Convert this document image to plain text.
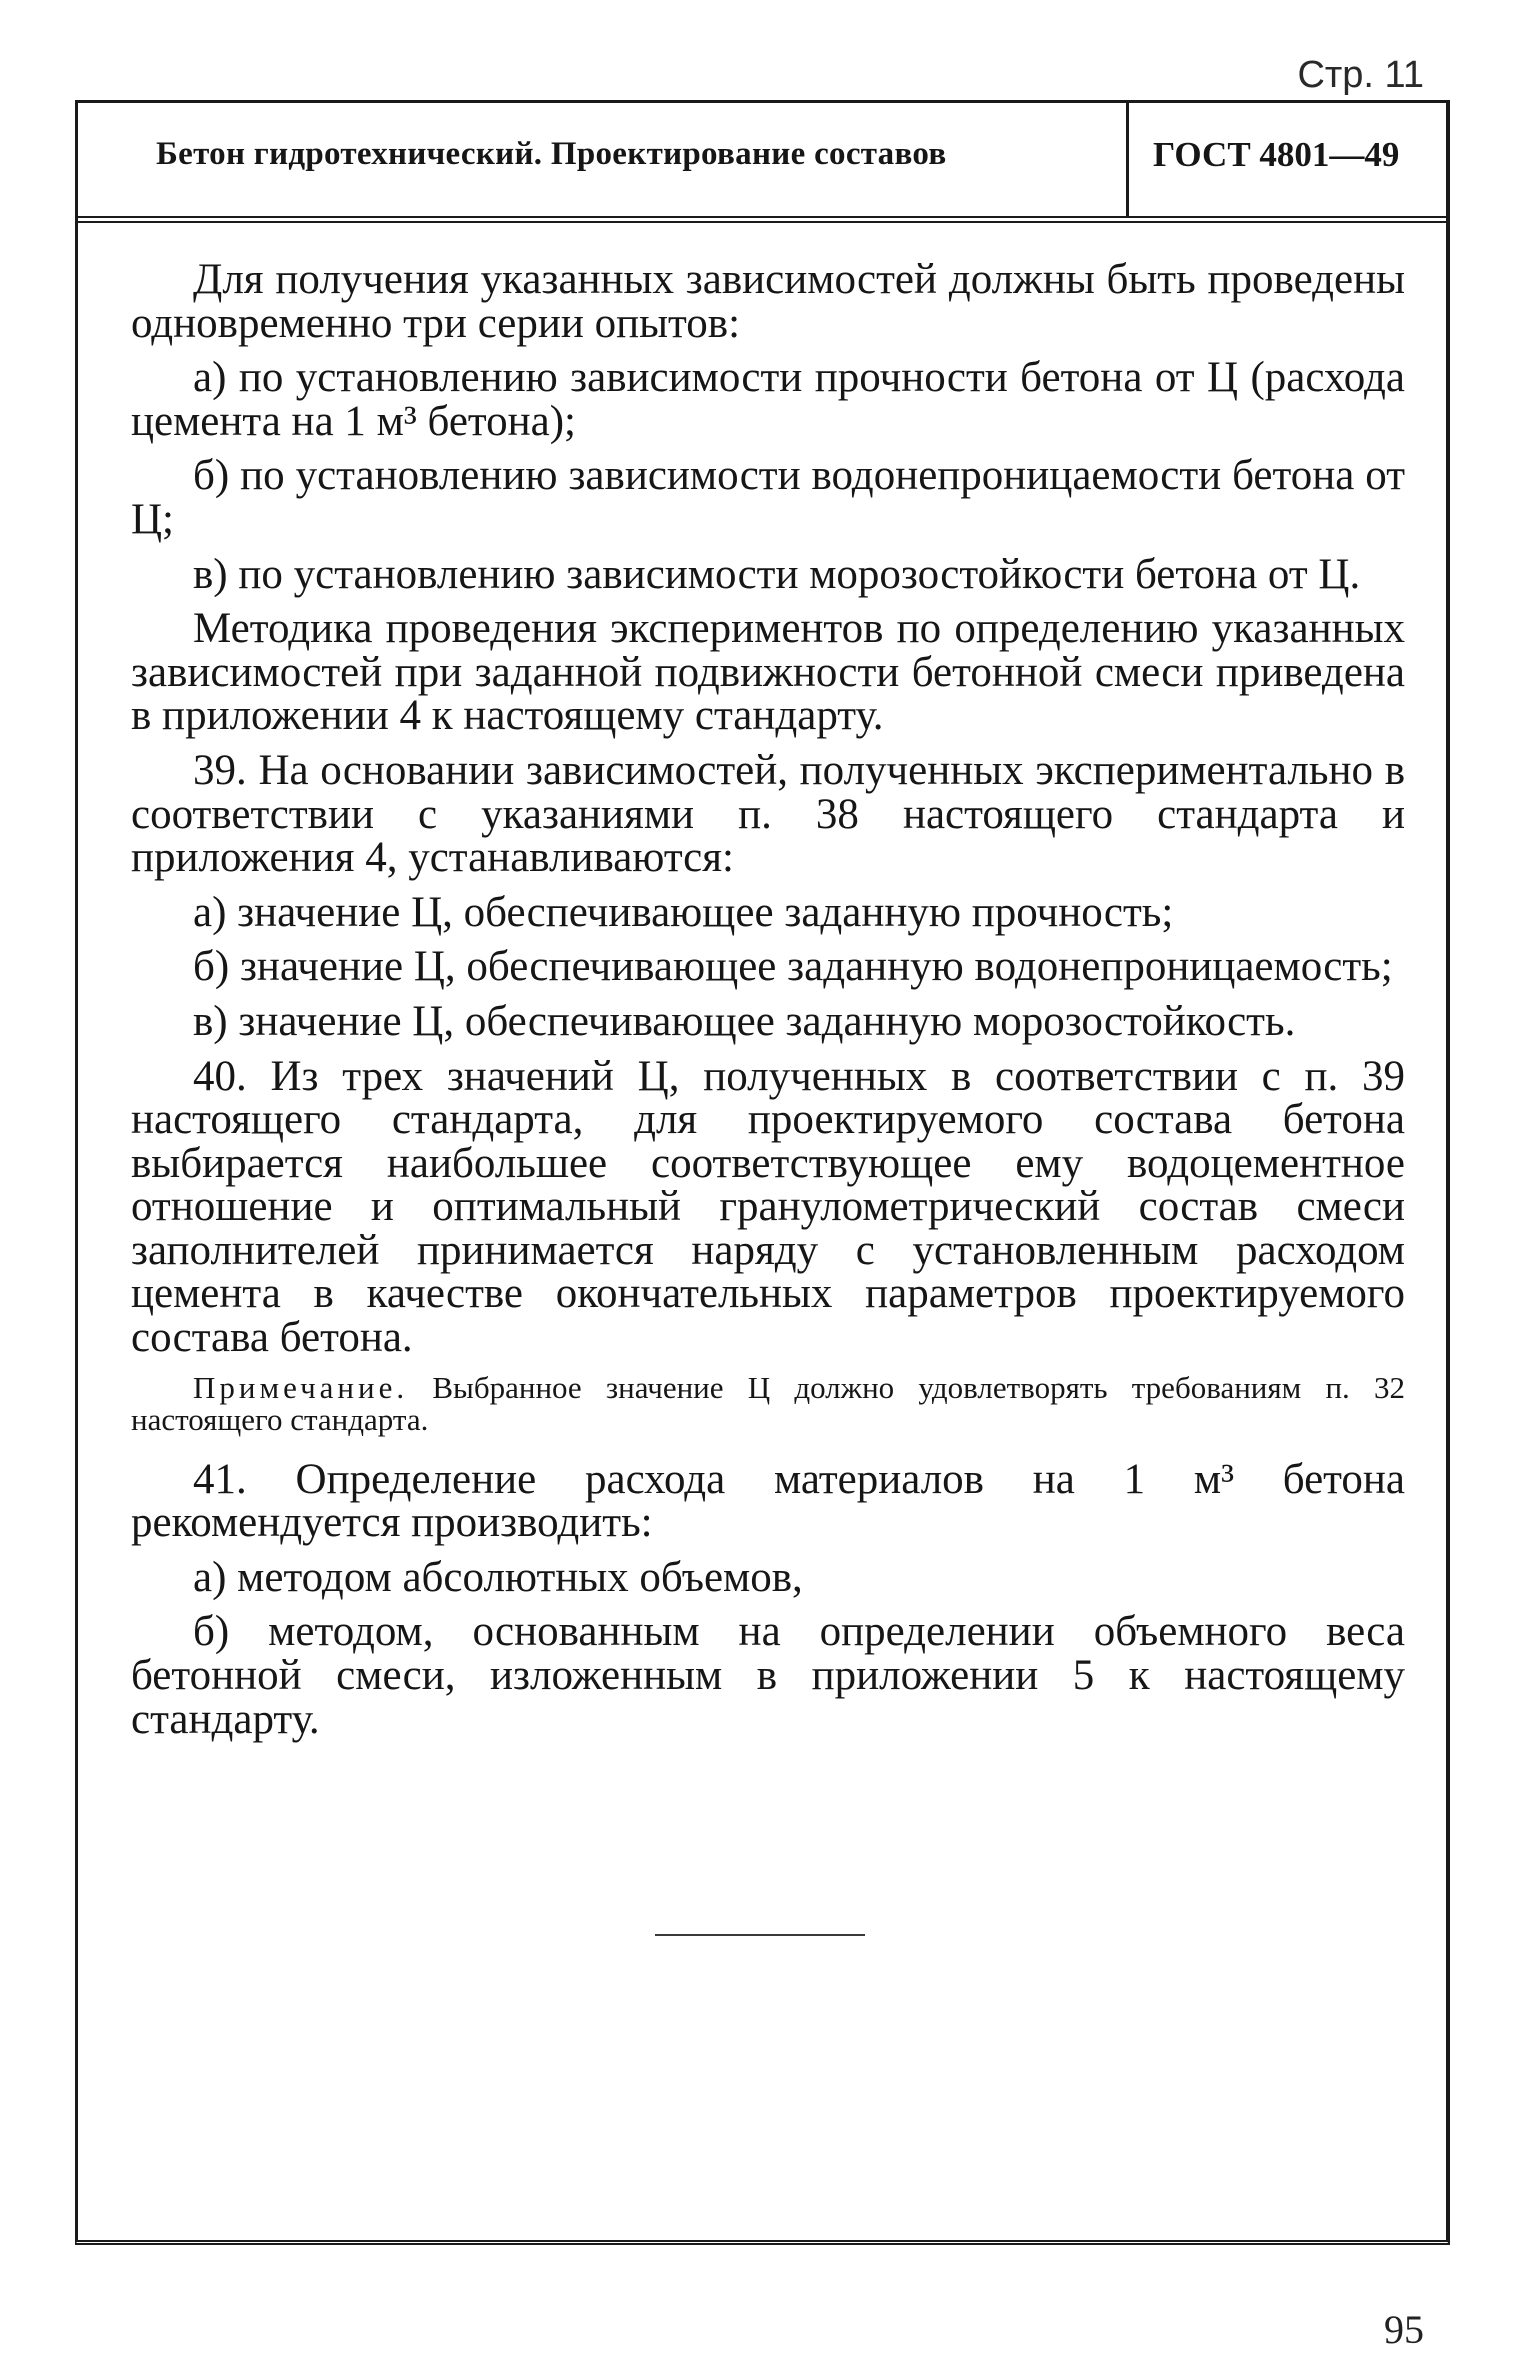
Стр. 11
Бетон гидротехнический. Проектирование составов	ГОСТ 4801—49

Для получения указанных зависимостей должны быть проведены одновременно три серии опытов:

а) по установлению зависимости прочности бетона от Ц (расхода цемента на 1 м³ бетона);

б) по установлению зависимости водонепроницаемости бетона от Ц;

в) по установлению зависимости морозостойкости бетона от Ц.

Методика проведения экспериментов по определению указанных зависимостей при заданной подвижности бетонной смеси приведена в приложении 4 к настоящему стандарту.

39. На основании зависимостей, полученных экспериментально в соответствии с указаниями п. 38 настоящего стандарта и приложения 4, устанавливаются:

а) значение Ц, обеспечивающее заданную прочность;

б) значение Ц, обеспечивающее заданную водонепроницаемость;

в) значение Ц, обеспечивающее заданную морозостойкость.

40. Из трех значений Ц, полученных в соответствии с п. 39 настоящего стандарта, для проектируемого состава бетона выбирается наибольшее соответствующее ему водоцементное отношение и оптимальный гранулометрический состав смеси заполнителей принимается наряду с установленным расходом цемента в качестве окончательных параметров проектируемого состава бетона.

Примечание. Выбранное значение Ц должно удовлетворять требованиям п. 32 настоящего стандарта.

41. Определение расхода материалов на 1 м³ бетона рекомендуется производить:

а) методом абсолютных объемов,

б) методом, основанным на определении объемного веса бетонной смеси, изложенным в приложении 5 к настоящему стандарту.

95
